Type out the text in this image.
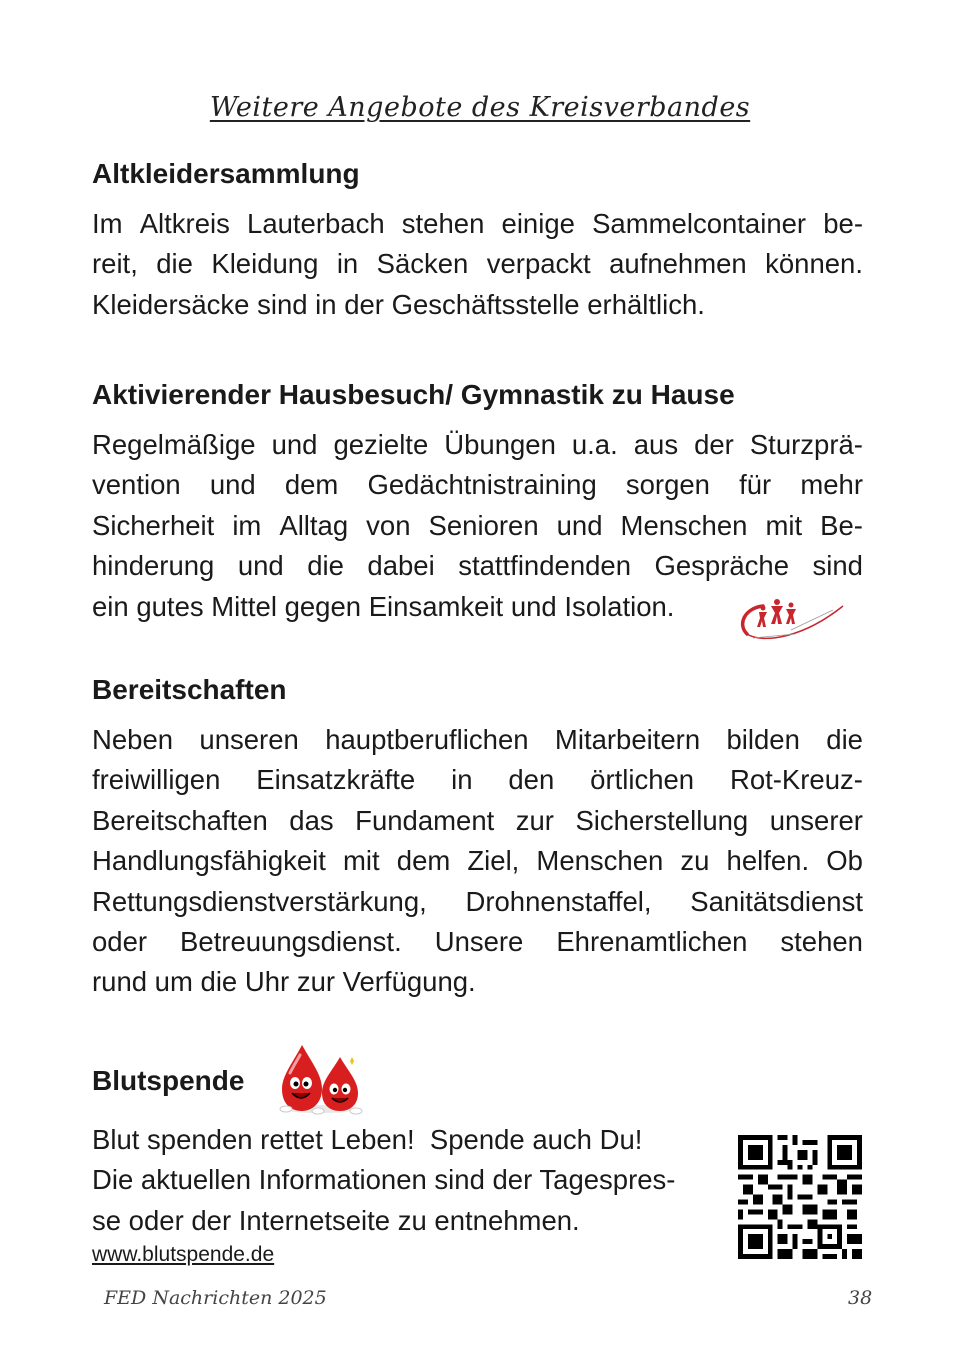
Weitere Angebote des Kreisverbandes
Altkleidersammlung
Im Altkreis Lauterbach stehen einige Sammelcontainer be-
reit, die Kleidung in Säcken verpackt aufnehmen können.
Kleidersäcke sind in der Geschäftsstelle erhältlich.
Aktivierender Hausbesuch/ Gymnastik zu Hause
Regelmäßige und gezielte Übungen u.a. aus der Sturzprä-
vention und dem Gedächtnistraining sorgen für mehr
Sicherheit im Alltag von Senioren und Menschen mit Be-
hinderung und die dabei stattfindenden Gespräche sind
ein gutes Mittel gegen Einsamkeit und Isolation.
Bereitschaften
Neben unseren hauptberuflichen Mitarbeitern bilden die
freiwilligen Einsatzkräfte in den örtlichen Rot-Kreuz-
Bereitschaften das Fundament zur Sicherstellung unserer
Handlungsfähigkeit mit dem Ziel, Menschen zu helfen. Ob
Rettungsdienstverstärkung, Drohnenstaffel, Sanitätsdienst
oder Betreuungsdienst. Unsere Ehrenamtlichen stehen
rund um die Uhr zur Verfügung.
Blutspende
Blut spenden rettet Leben!  Spende auch Du!
Die aktuellen Informationen sind der Tagespres-
se oder der Internetseite zu entnehmen.
www.blutspende.de
FED Nachrichten 2025	38
